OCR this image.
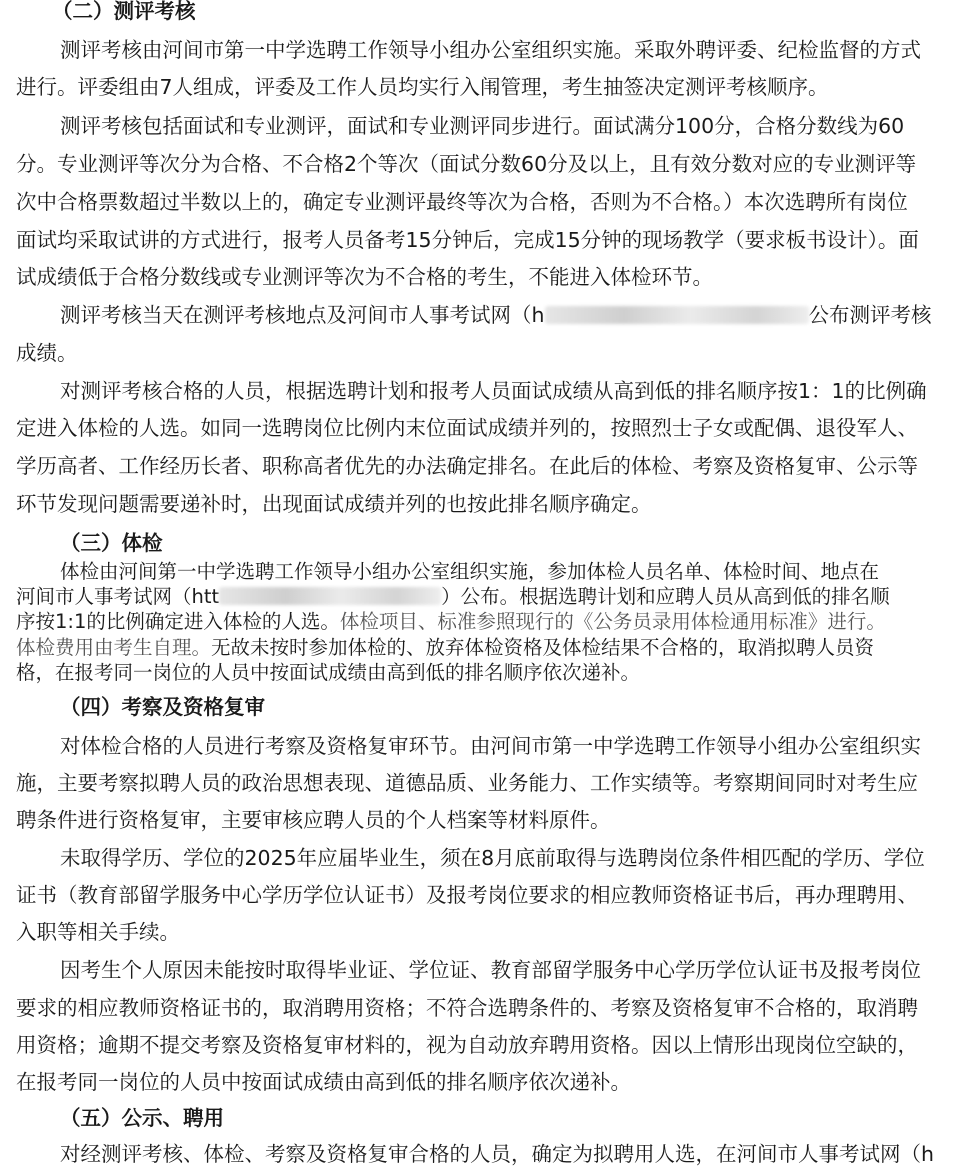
（二）测评考核
测评考核由河间市第一中学选聘工作领导小组办公室组织实施。采取外聘评委、纪检监督的方式
进行。评委组由7人组成，评委及工作人员均实行入闱管理，考生抽签决定测评考核顺序。
测评考核包括面试和专业测评，面试和专业测评同步进行。面试满分100分，合格分数线为60
分。专业测评等次分为合格、不合格2个等次（面试分数60分及以上，且有效分数对应的专业测评等
次中合格票数超过半数以上的，确定专业测评最终等次为合格，否则为不合格。）本次选聘所有岗位
面试均采取试讲的方式进行，报考人员备考15分钟后，完成15分钟的现场教学（要求板书设计）。面
试成绩低于合格分数线或专业测评等次为不合格的考生，不能进入体检环节。
测评考核当天在测评考核地点及河间市人事考试网（h	公布测评考核
成绩。
对测评考核合格的人员，根据选聘计划和报考人员面试成绩从高到低的排名顺序按1：1的比例确
定进入体检的人选。如同一选聘岗位比例内末位面试成绩并列的，按照烈士子女或配偶、退役军人、
学历高者、工作经历长者、职称高者优先的办法确定排名。在此后的体检、考察及资格复审、公示等
环节发现问题需要递补时，出现面试成绩并列的也按此排名顺序确定。
（三）体检
体检由河间第一中学选聘工作领导小组办公室组织实施，参加体检人员名单、体检时间、地点在
河间市人事考试网（htt	）公布。根据选聘计划和应聘人员从高到低的排名顺
序按1:1的比例确定进入体检的人选。体检项目、标准参照现行的《公务员录用体检通用标准》进行。
体检费用由考生自理。无故未按时参加体检的、放弃体检资格及体检结果不合格的，取消拟聘人员资
格，在报考同一岗位的人员中按面试成绩由高到低的排名顺序依次递补。
（四）考察及资格复审
对体检合格的人员进行考察及资格复审环节。由河间市第一中学选聘工作领导小组办公室组织实
施，主要考察拟聘人员的政治思想表现、道德品质、业务能力、工作实绩等。考察期间同时对考生应
聘条件进行资格复审，主要审核应聘人员的个人档案等材料原件。
未取得学历、学位的2025年应届毕业生，须在8月底前取得与选聘岗位条件相匹配的学历、学位
证书（教育部留学服务中心学历学位认证书）及报考岗位要求的相应教师资格证书后，再办理聘用、
入职等相关手续。
因考生个人原因未能按时取得毕业证、学位证、教育部留学服务中心学历学位认证书及报考岗位
要求的相应教师资格证书的，取消聘用资格；不符合选聘条件的、考察及资格复审不合格的，取消聘
用资格；逾期不提交考察及资格复审材料的，视为自动放弃聘用资格。因以上情形出现岗位空缺的，
在报考同一岗位的人员中按面试成绩由高到低的排名顺序依次递补。
（五）公示、聘用
对经测评考核、体检、考察及资格复审合格的人员，确定为拟聘用人选，在河间市人事考试网（h
